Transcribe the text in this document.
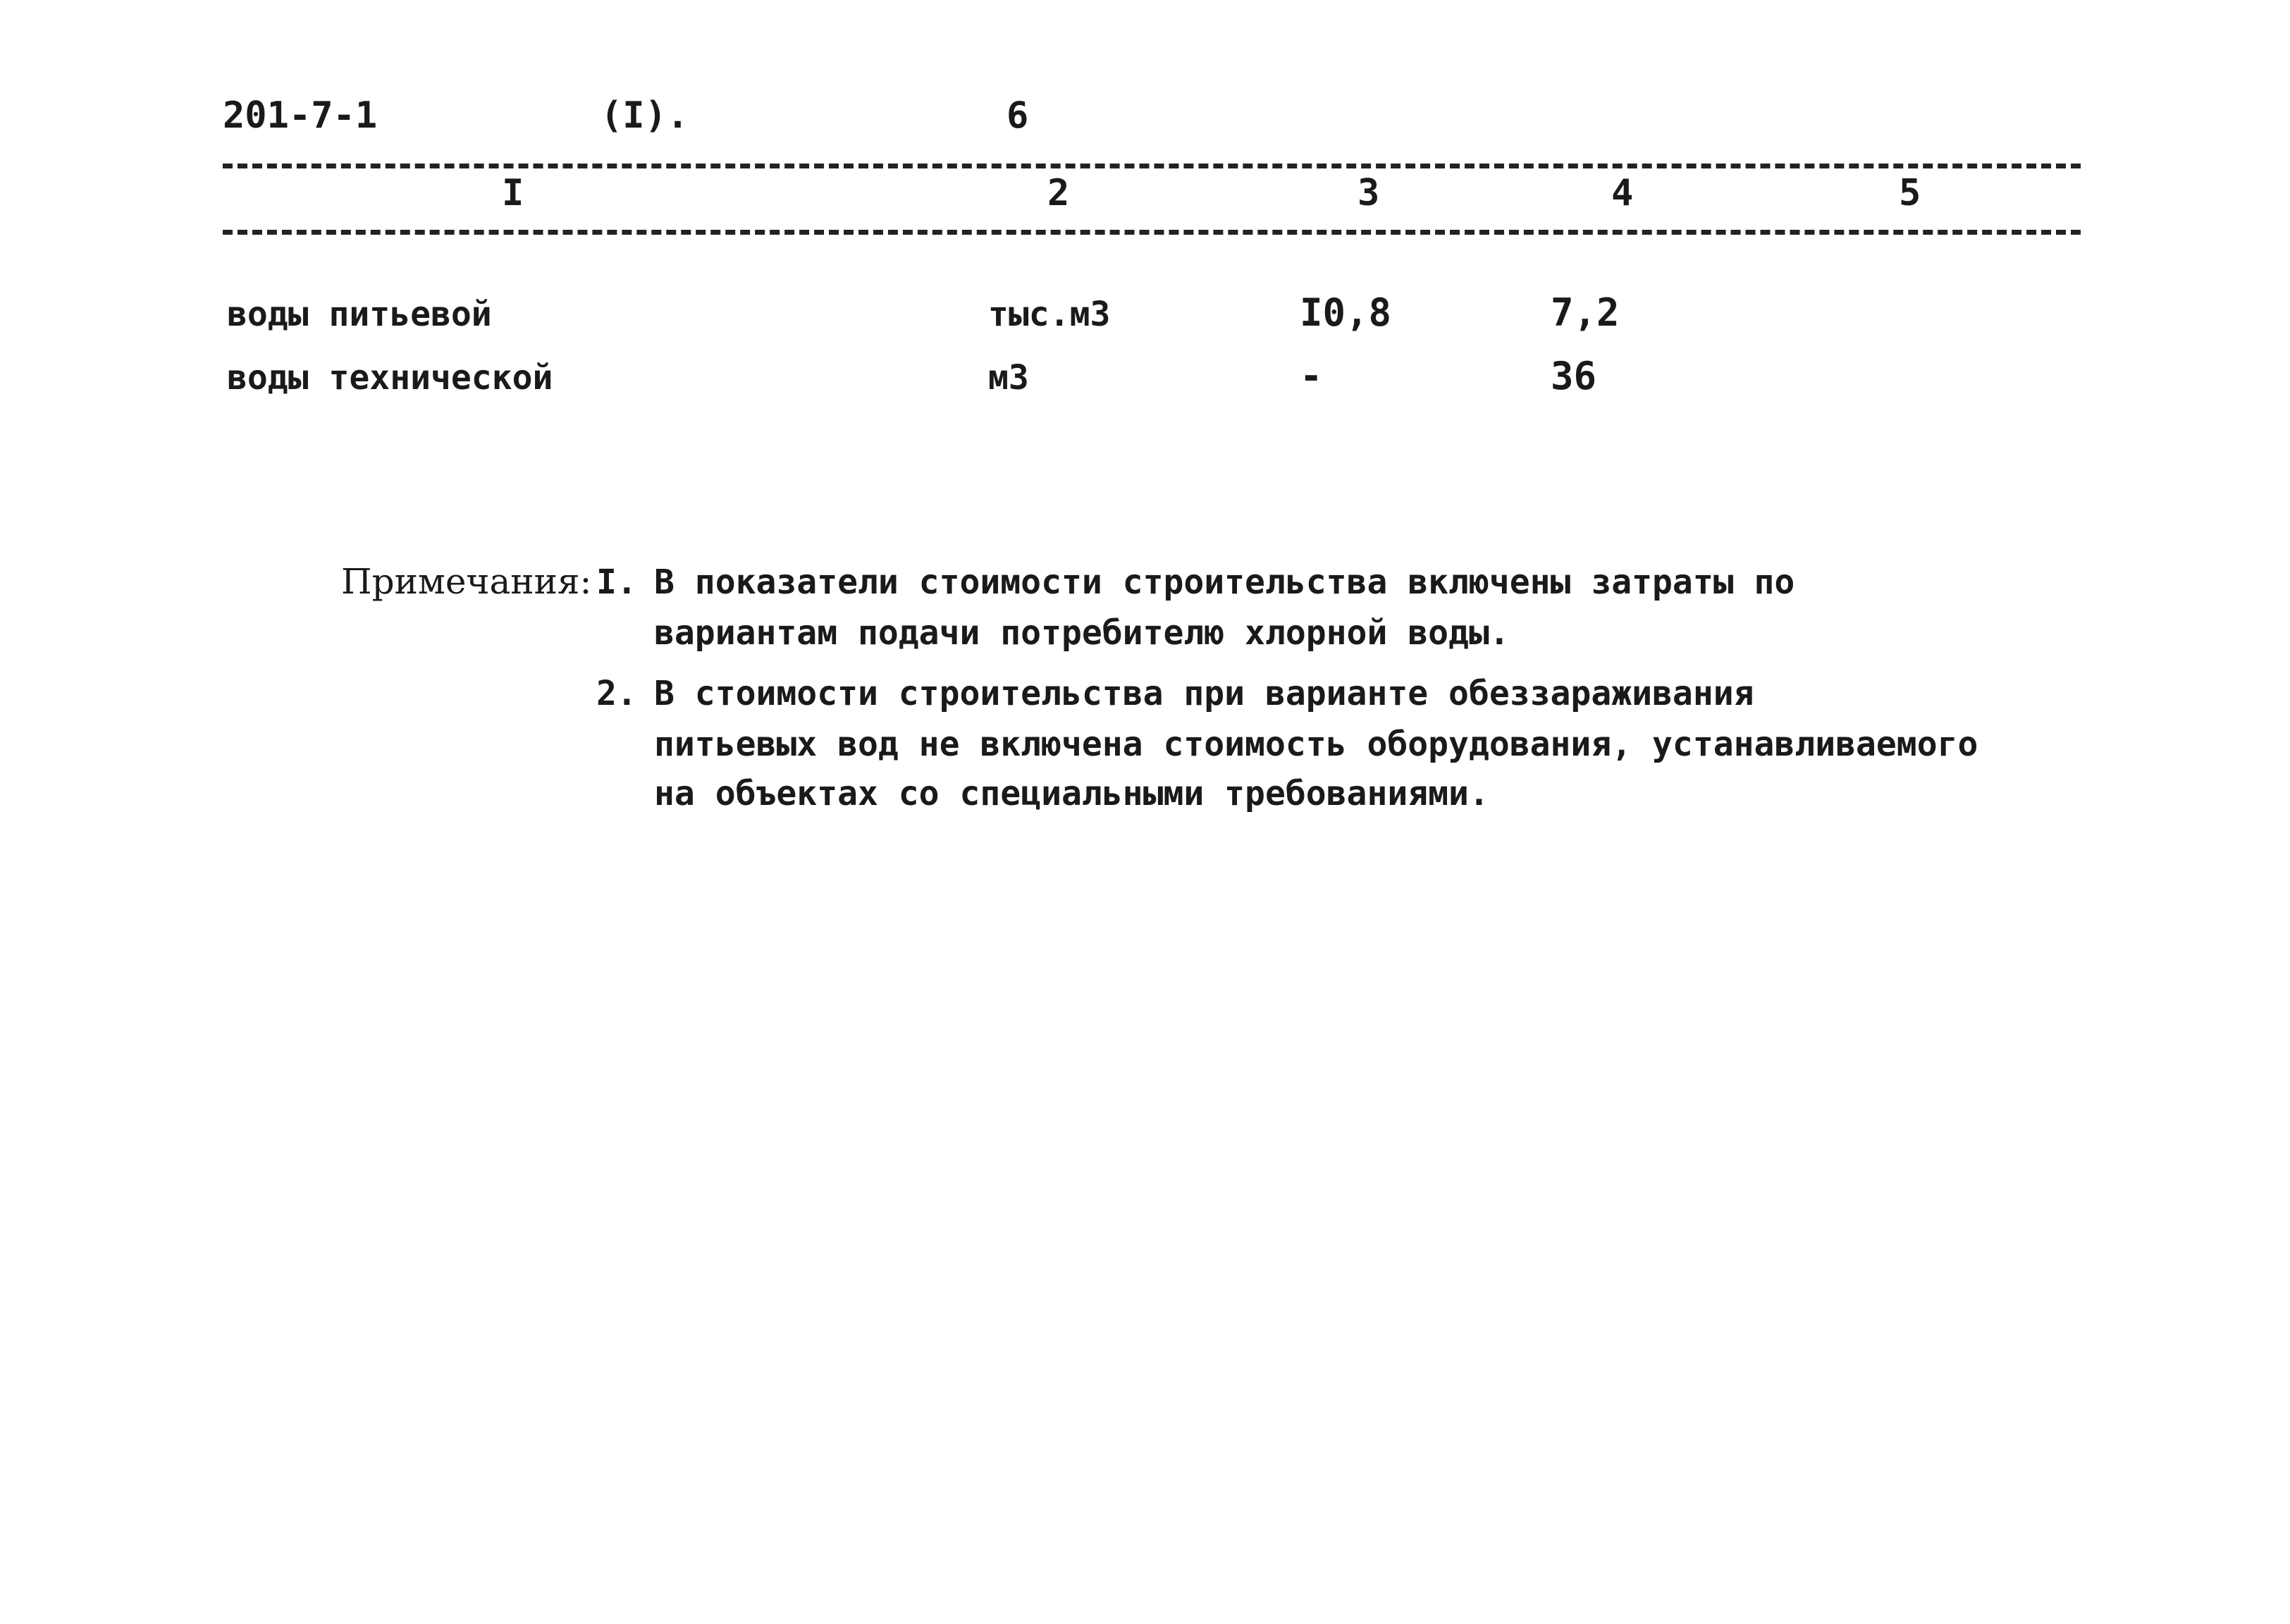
201-7-1	(I).	6
I	2	3	4	5
воды питьевой	тыс.м3	I0,8	7,2
воды технической	м3	-	36
Примечания: I. В показатели стоимости строительства включены затраты по
вариантам подачи потребителю хлорной воды.
2. В стоимости строительства при варианте обеззараживания
питьевых вод не включена стоимость оборудования, устанавливаемого
на объектах со специальными требованиями.
